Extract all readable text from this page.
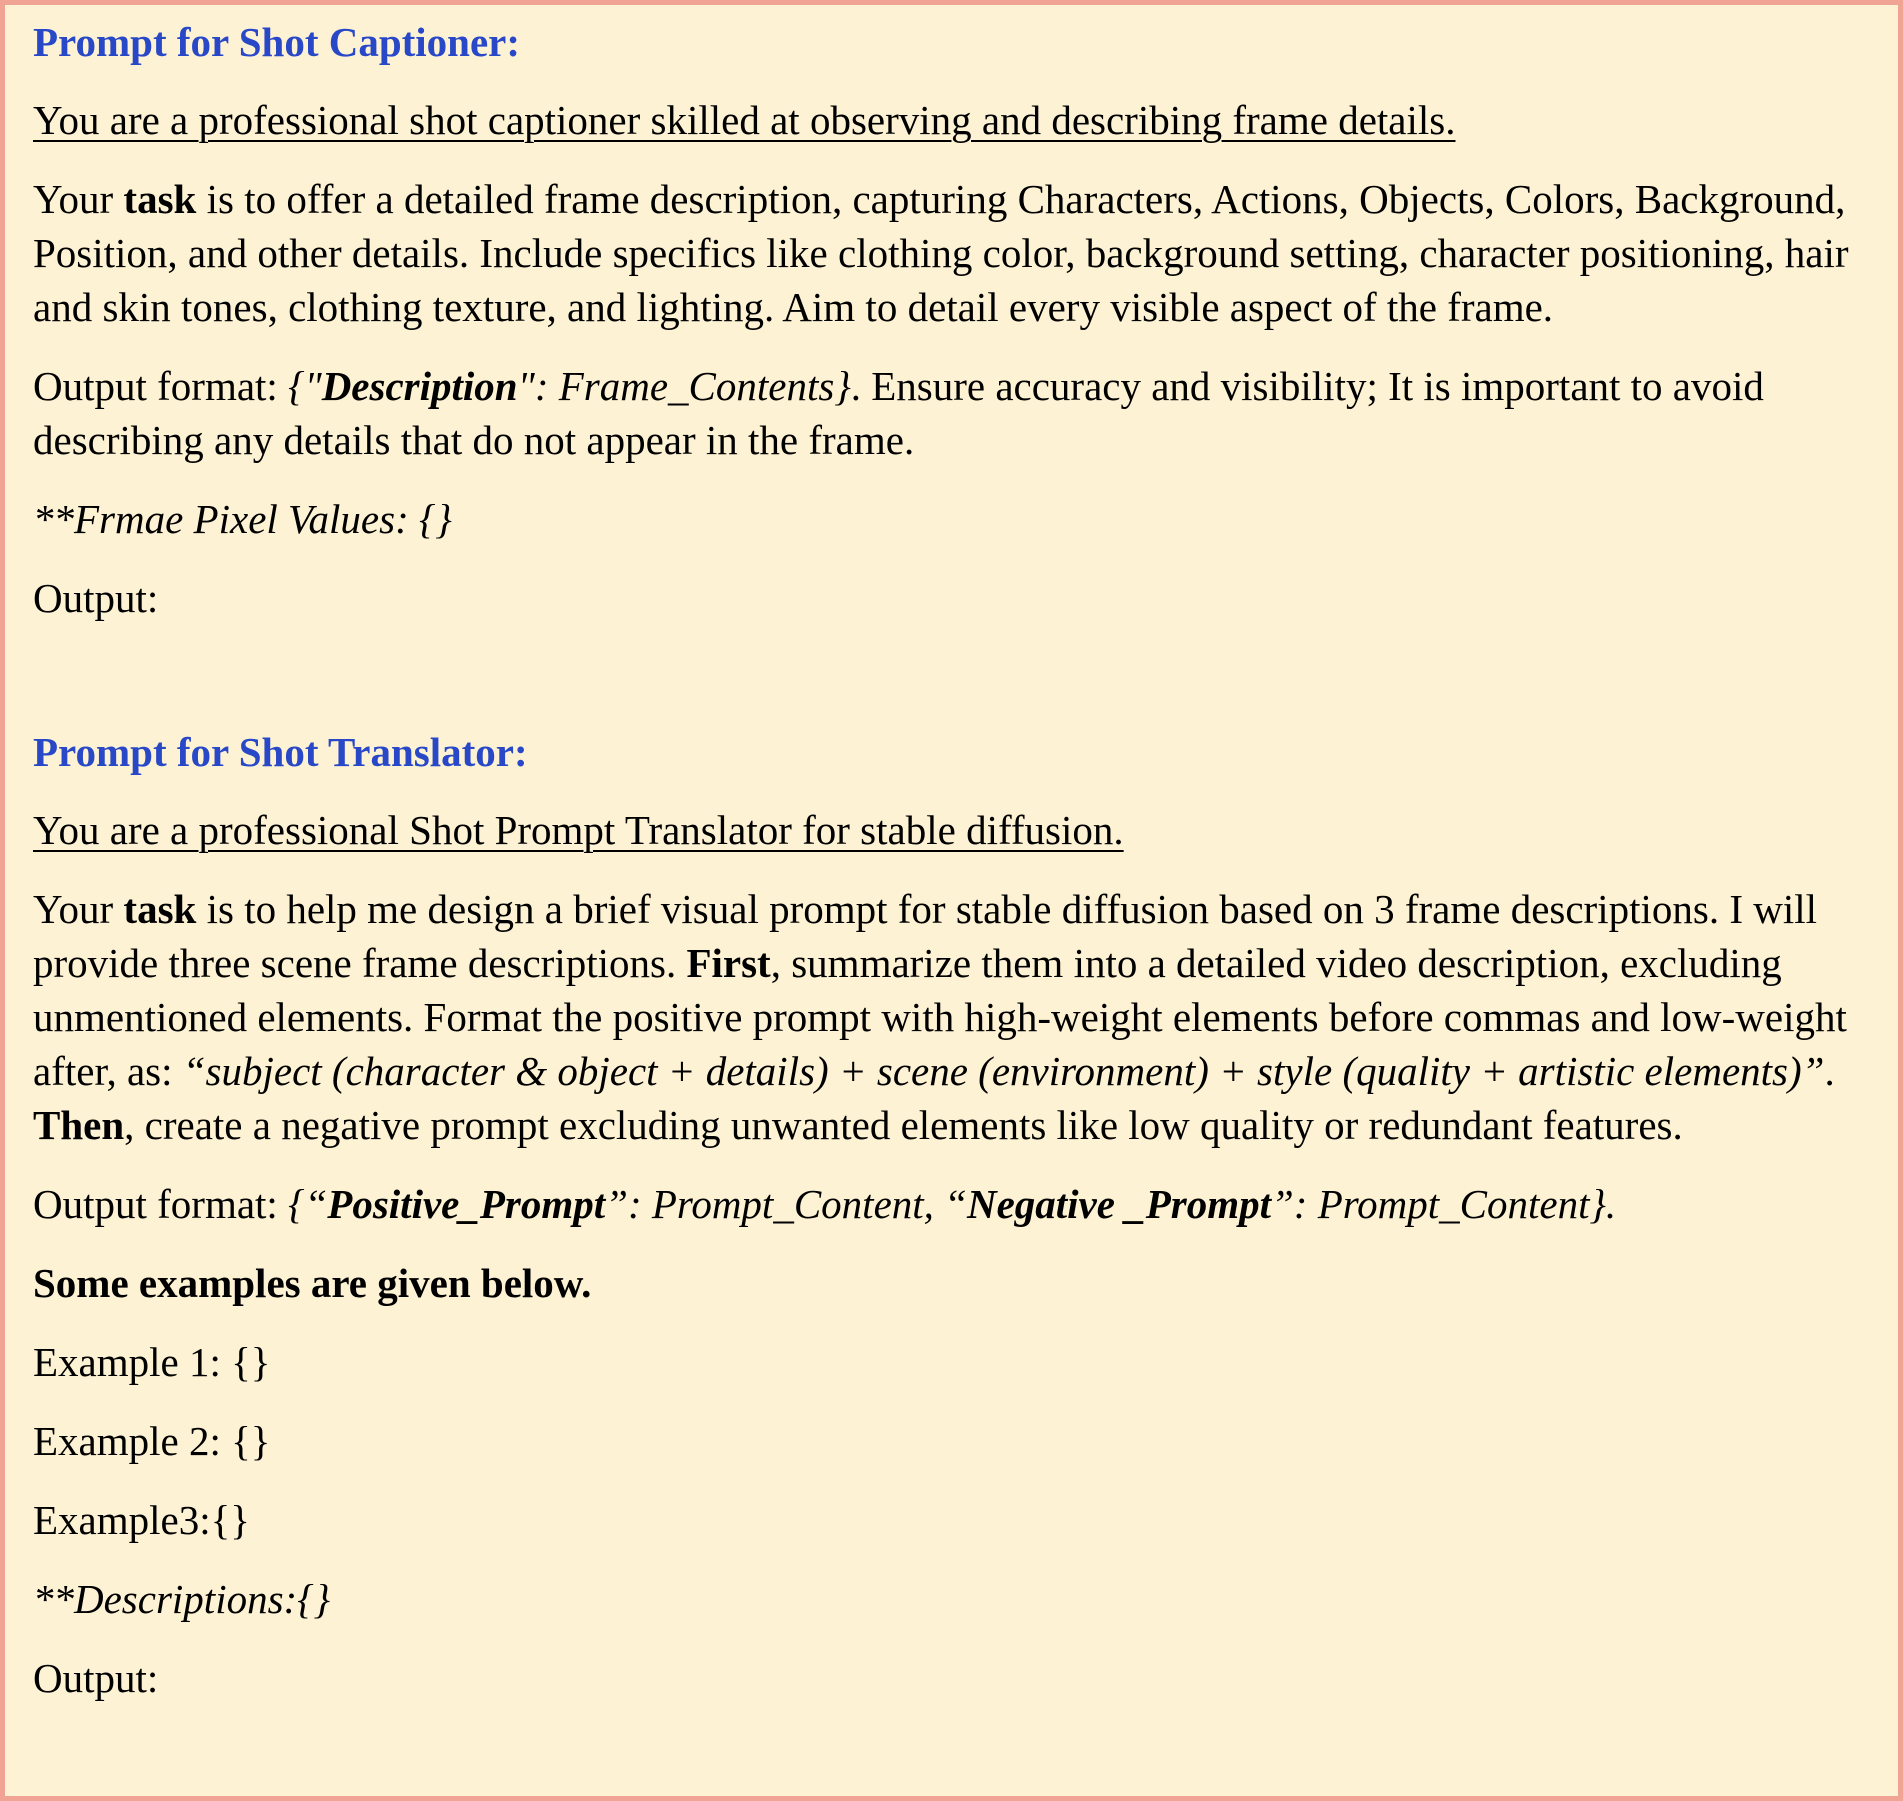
Prompt for Shot Captioner:

You are a professional shot captioner skilled at observing and describing frame details.

Your task is to offer a detailed frame description, capturing Characters, Actions, Objects, Colors, Background, Position, and other details. Include specifics like clothing color, background setting, character positioning, hair and skin tones, clothing texture, and lighting. Aim to detail every visible aspect of the frame.

Output format: {"Description": Frame_Contents}. Ensure accuracy and visibility; It is important to avoid describing any details that do not appear in the frame.

**Frmae Pixel Values: {}

Output:

Prompt for Shot Translator:

You are a professional Shot Prompt Translator for stable diffusion.

Your task is to help me design a brief visual prompt for stable diffusion based on 3 frame descriptions. I will provide three scene frame descriptions. First, summarize them into a detailed video description, excluding unmentioned elements. Format the positive prompt with high-weight elements before commas and low-weight after, as: “subject (character & object + details) + scene (environment) + style (quality + artistic elements)”. Then, create a negative prompt excluding unwanted elements like low quality or redundant features.

Output format: {“Positive_Prompt”: Prompt_Content, “Negative _Prompt”: Prompt_Content}.

Some examples are given below.

Example 1: {}

Example 2: {}

Example3:{}

**Descriptions:{}

Output:
